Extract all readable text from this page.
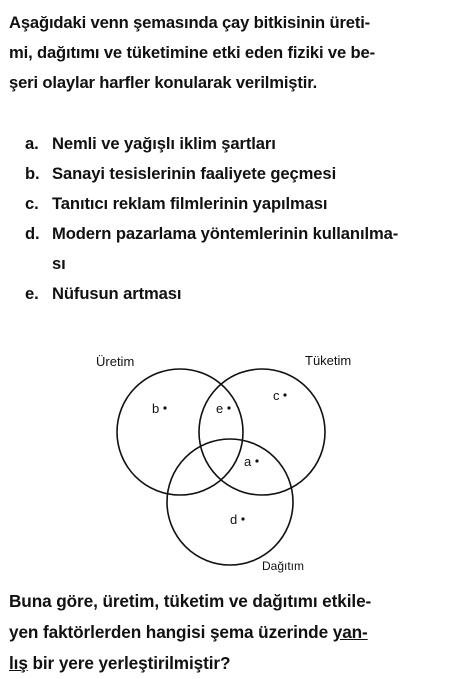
Aşağıdaki venn şemasında çay bitkisinin üreti-
mi, dağıtımı ve tüketimine etki eden fiziki ve be-
şeri olaylar harfler konularak verilmiştir.
a. Nemli ve yağışlı iklim şartları
b. Sanayi tesislerinin faaliyete geçmesi
c. Tanıtıcı reklam filmlerinin yapılması
d. Modern pazarlama yöntemlerinin kullanılma-
sı
e. Nüfusun artması
Üretim	Tüketim
Dağıtım
b	e
c
a
d
Buna göre, üretim, tüketim ve dağıtımı etkile-
yen faktörlerden hangisi şema üzerinde yan-
lış bir yere yerleştirilmiştir?
